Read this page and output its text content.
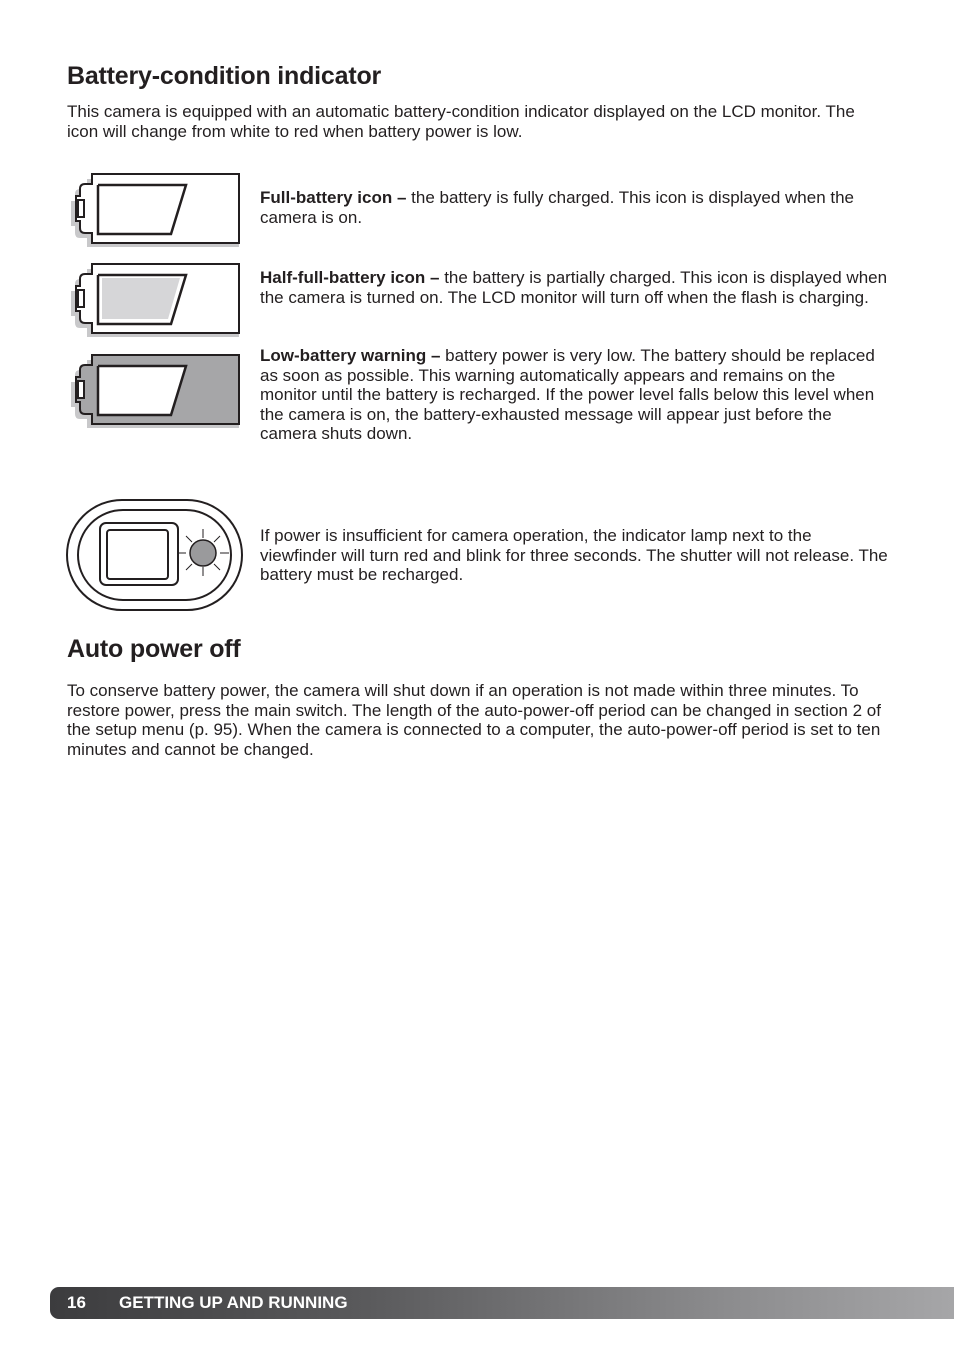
Battery-condition indicator

This camera is equipped with an automatic battery-condition indicator displayed on the LCD monitor. The icon will change from white to red when battery power is low.

Full-battery icon – the battery is fully charged. This icon is displayed when the camera is on.

Half-full-battery icon – the battery is partially charged. This icon is displayed when the camera is turned on. The LCD monitor will turn off when the flash is charging.

Low-battery warning – battery power is very low. The battery should be replaced as soon as possible. This warning automatically appears and remains on the monitor until the battery is recharged. If the power level falls below this level when the camera is on, the battery-exhausted message will appear just before the camera shuts down.

If power is insufficient for camera operation, the indicator lamp next to the viewfinder will turn red and blink for three seconds. The shutter will not release. The battery must be recharged.

Auto power off

To conserve battery power, the camera will shut down if an operation is not made within three minutes. To restore power, press the main switch. The length of the auto-power-off period can be changed in section 2 of the setup menu (p. 95). When the camera is connected to a computer, the auto-power-off period is set to ten minutes and cannot be changed.

16 GETTING UP AND RUNNING
